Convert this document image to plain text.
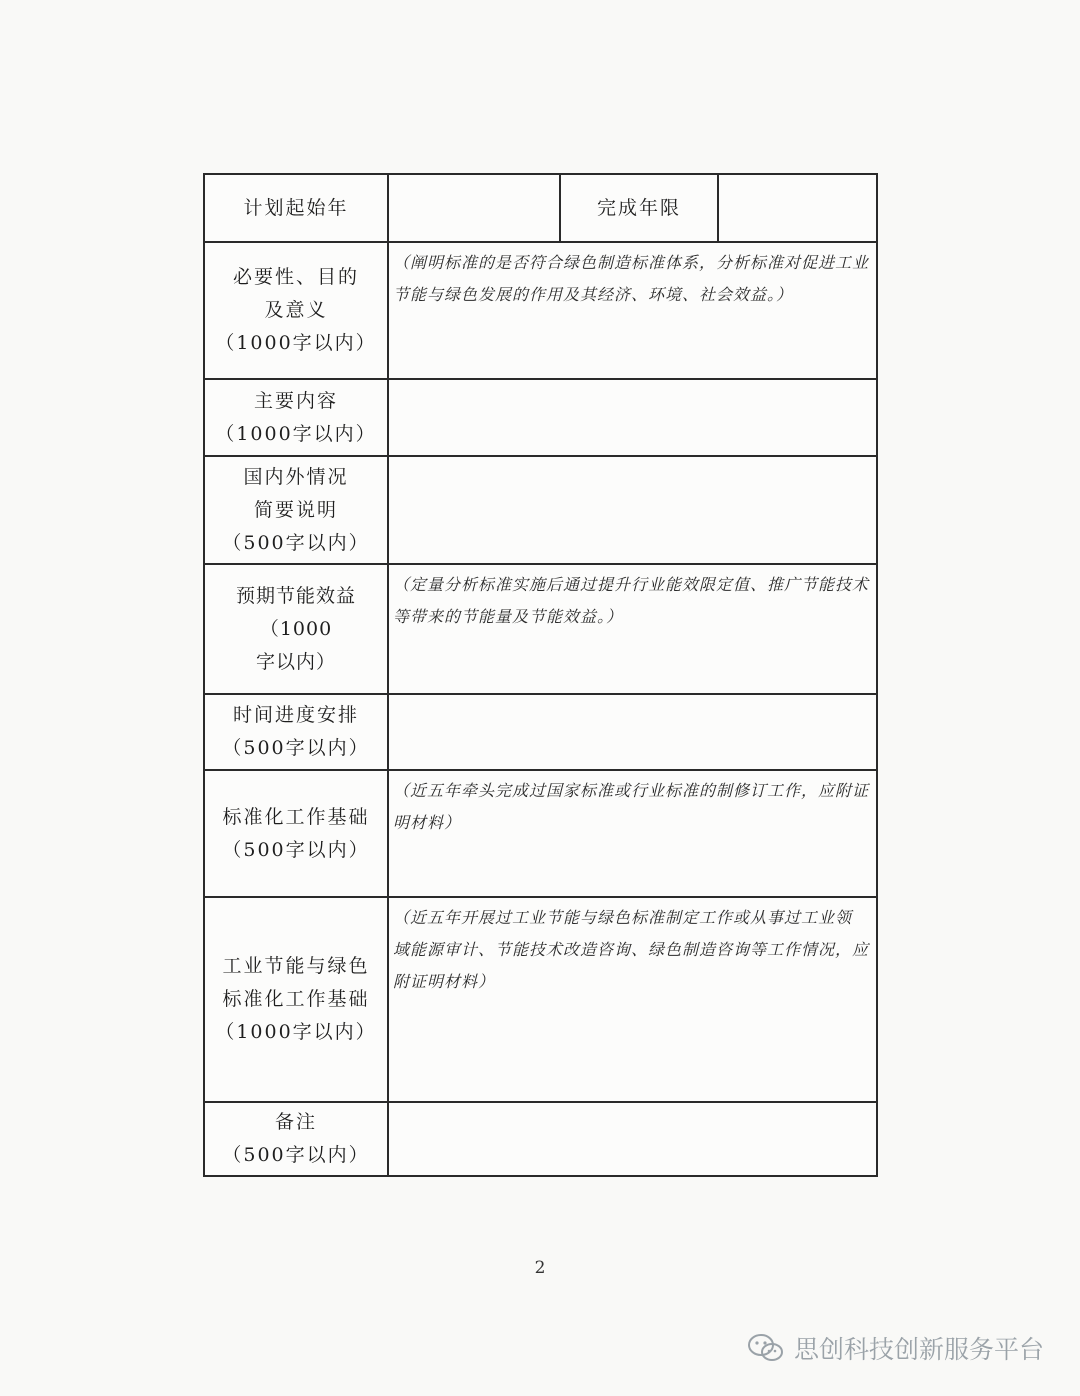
计划起始年		完成年限	

必要性、目的
及意义
（1000字以内）	（阐明标准的是否符合绿色制造标准体系，分析标准对促进工业
节能与绿色发展的作用及其经济、环境、社会效益。）		

主要内容
（1000字以内）			

国内外情况
简要说明
（500字以内）			

预期节能效益（1000
字以内）	（定量分析标准实施后通过提升行业能效限定值、推广节能技术
等带来的节能量及节能效益。）		

时间进度安排
（500字以内）			

标准化工作基础
（500字以内）	（近五年牵头完成过国家标准或行业标准的制修订工作，应附证
明材料）		

工业节能与绿色
标准化工作基础
（1000字以内）	（近五年开展过工业节能与绿色标准制定工作或从事过工业领
域能源审计、节能技术改造咨询、绿色制造咨询等工作情况，应
附证明材料）		

备注
（500字以内）			

2
思创科技创新服务平台
